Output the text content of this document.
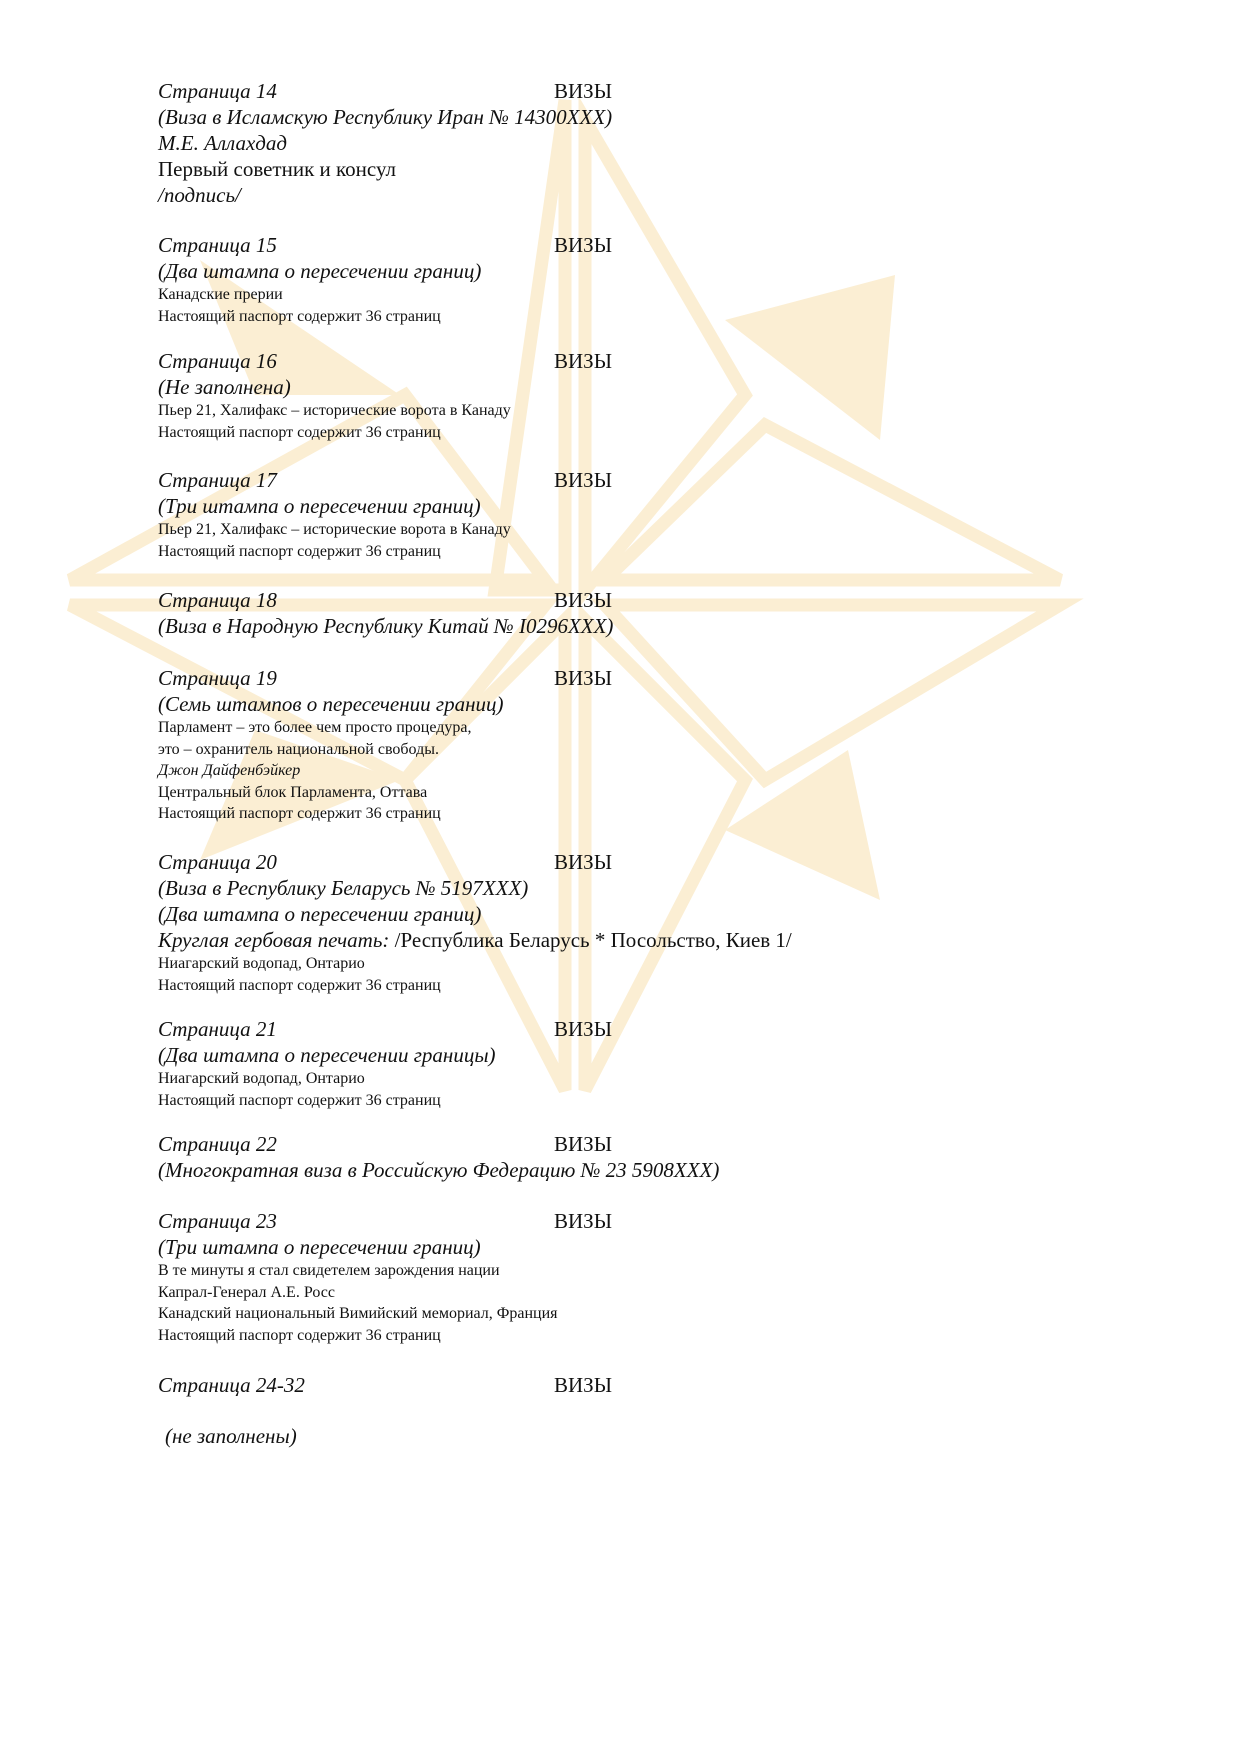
Страница 14	ВИЗЫ
(Виза в Исламскую Республику Иран № 14300ХХХ)
М.Е. Аллахдад
Первый советник и консул
/подпись/
Страница 15	ВИЗЫ
(Два штампа о пересечении границ)
Канадские прерии
Настоящий паспорт содержит 36 страниц
Страница 16	ВИЗЫ
(Не заполнена)
Пьер 21, Халифакс – исторические ворота в Канаду
Настоящий паспорт содержит 36 страниц
Страница 17	ВИЗЫ
(Три штампа о пересечении границ)
Пьер 21, Халифакс – исторические ворота в Канаду
Настоящий паспорт содержит 36 страниц
Страница 18	ВИЗЫ
(Виза в Народную Республику Китай № I0296ХХХ)
Страница 19	ВИЗЫ
(Семь штампов о пересечении границ)
Парламент – это более чем просто процедура,
это – охранитель национальной свободы.
Джон Дайфенбэйкер
Центральный блок Парламента, Оттава
Настоящий паспорт содержит 36 страниц
Страница 20	ВИЗЫ
(Виза в Республику Беларусь № 5197ХХХ)
(Два штампа о пересечении границ)
Круглая гербовая печать: /Республика Беларусь * Посольство, Киев 1/
Ниагарский водопад, Онтарио
Настоящий паспорт содержит 36 страниц
Страница 21	ВИЗЫ
(Два штампа о пересечении границы)
Ниагарский водопад, Онтарио
Настоящий паспорт содержит 36 страниц
Страница 22	ВИЗЫ
(Многократная виза в Российскую Федерацию № 23 5908ХХХ)
Страница 23	ВИЗЫ
(Три штампа о пересечении границ)
В те минуты я стал свидетелем зарождения нации
Капрал-Генерал А.Е. Росс
Канадский национальный Вимийский мемориал, Франция
Настоящий паспорт содержит 36 страниц
Страница 24-32	ВИЗЫ
(не заполнены)
